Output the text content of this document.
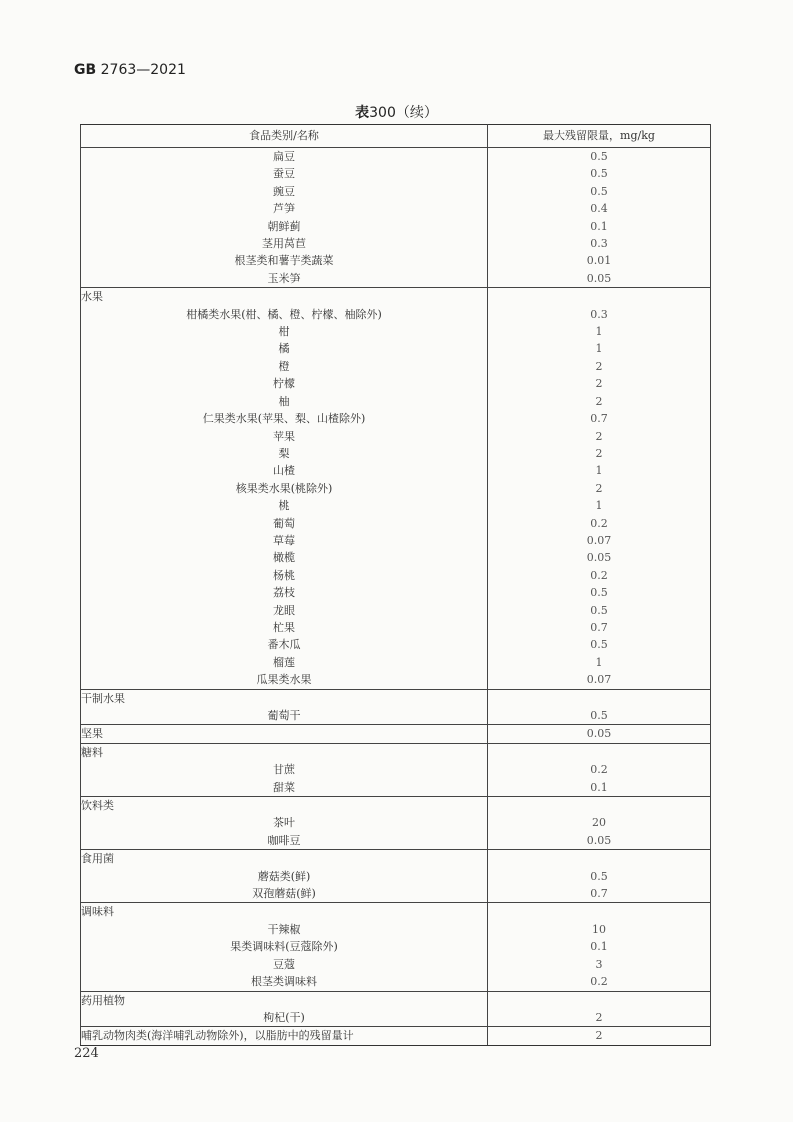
GB 2763—2021
表300（续）
食品类别/名称	最大残留限量，mg/kg
扁豆	0.5
蚕豆	0.5
豌豆	0.5
芦笋	0.4
朝鲜蓟	0.1
茎用莴苣	0.3
根茎类和薯芋类蔬菜	0.01
玉米笋	0.05
水果	
柑橘类水果(柑、橘、橙、柠檬、柚除外)	0.3
柑	1
橘	1
橙	2
柠檬	2
柚	2
仁果类水果(苹果、梨、山楂除外)	0.7
苹果	2
梨	2
山楂	1
核果类水果(桃除外)	2
桃	1
葡萄	0.2
草莓	0.07
橄榄	0.05
杨桃	0.2
荔枝	0.5
龙眼	0.5
杧果	0.7
番木瓜	0.5
榴莲	1
瓜果类水果	0.07
干制水果	
葡萄干	0.5
坚果	0.05
糖料	
甘蔗	0.2
甜菜	0.1
饮料类	
茶叶	20
咖啡豆	0.05
食用菌	
蘑菇类(鲜)	0.5
双孢蘑菇(鲜)	0.7
调味料	
干辣椒	10
果类调味料(豆蔻除外)	0.1
豆蔻	3
根茎类调味料	0.2
药用植物	
枸杞(干)	2
哺乳动物肉类(海洋哺乳动物除外)，以脂肪中的残留量计	2
224
